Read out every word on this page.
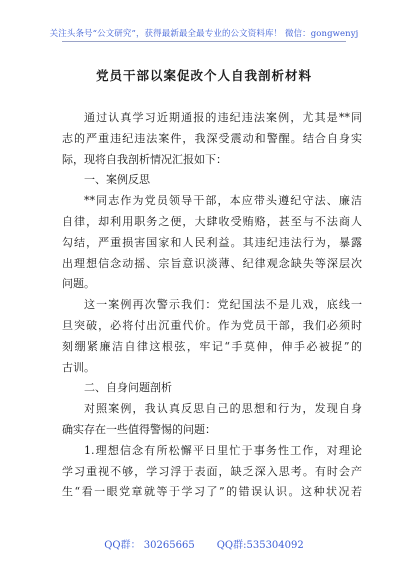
关注头条号“公文研究”，获得最新最全最专业的公文资料库！ 微信：gongwenyj
党员干部以案促改个人自我剖析材料
通过认真学习近期通报的违纪违法案例，尤其是**同
志的严重违纪违法案件，我深受震动和警醒。结合自身实
际，现将自我剖析情况汇报如下：
一、案例反思
**同志作为党员领导干部，本应带头遵纪守法、廉洁
自律，却利用职务之便，大肆收受贿赂，甚至与不法商人
勾结，严重损害国家和人民利益。其违纪违法行为，暴露
出理想信念动摇、宗旨意识淡薄、纪律观念缺失等深层次
问题。
这一案例再次警示我们：党纪国法不是儿戏，底线一
旦突破，必将付出沉重代价。作为党员干部，我们必须时
刻绷紧廉洁自律这根弦，牢记“手莫伸，伸手必被捉”的
古训。
二、自身问题剖析
对照案例，我认真反思自己的思想和行为，发现自身
确实存在一些值得警惕的问题：
1.理想信念有所松懈平日里忙于事务性工作，对理论
学习重视不够，学习浮于表面，缺乏深入思考。有时会产
生“看一眼党章就等于学习了”的错误认识。这种状况若
QQ群： 30265665 QQ群:535304092
